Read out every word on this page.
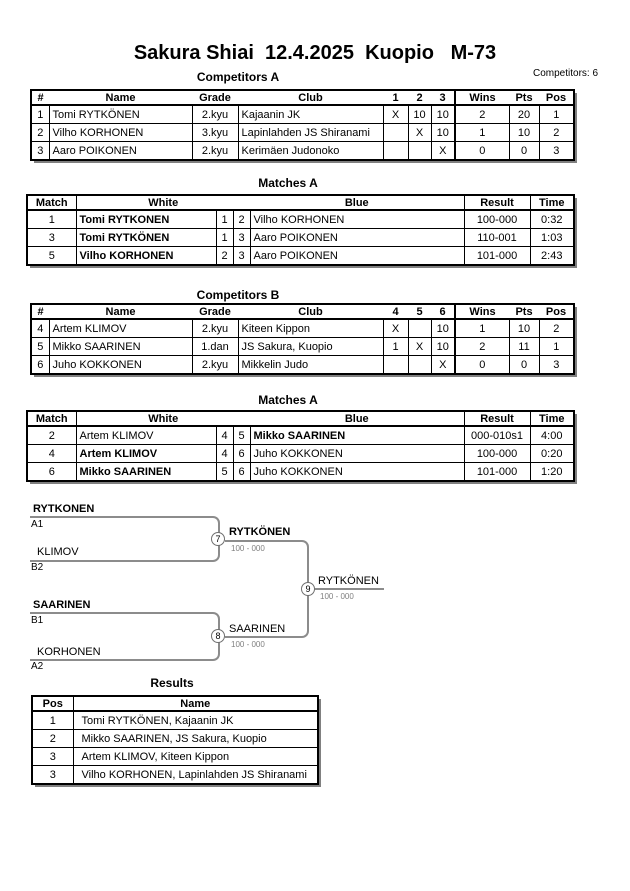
Sakura Shiai  12.4.2025  Kuopio   M-73
Competitors: 6
Competitors A
#	Name	Grade	Club	1	2	3	Wins	Pts	Pos
1	Tomi RYTKÖNEN	2.kyu	Kajaanin JK	X	10	10	2	20	1
2	Vilho KORHONEN	3.kyu	Lapinlahden JS Shiranami		X	10	1	10	2
3	Aaro POIKONEN	2.kyu	Kerimäen Judonoko			X	0	0	3
Matches A
Match	White			Blue	Result	Time
1	Tomi RYTKONEN	1	2	Vilho KORHONEN	100-000	0:32
3	Tomi RYTKÖNEN	1	3	Aaro POIKONEN	110-001	1:03
5	Vilho KORHONEN	2	3	Aaro POIKONEN	101-000	2:43
Competitors B
#	Name	Grade	Club	4	5	6	Wins	Pts	Pos
4	Artem KLIMOV	2.kyu	Kiteen Kippon	X		10	1	10	2
5	Mikko SAARINEN	1.dan	JS Sakura, Kuopio	1	X	10	2	11	1
6	Juho KOKKONEN	2.kyu	Mikkelin Judo			X	0	0	3
Matches A
Match	White			Blue	Result	Time
2	Artem KLIMOV	4	5	Mikko SAARINEN	000-010s1	4:00
4	Artem KLIMOV	4	6	Juho KOKKONEN	100-000	0:20
6	Mikko SAARINEN	5	6	Juho KOKKONEN	101-000	1:20
RYTKONEN
A1
KLIMOV
B2
SAARINEN
B1
KORHONEN
A2
7
RYTKÖNEN
100 - 000
8
SAARINEN
100 - 000
9
RYTKÖNEN
100 - 000
Results
Pos	Name
1	Tomi RYTKÖNEN, Kajaanin JK
2	Mikko SAARINEN, JS Sakura, Kuopio
3	Artem KLIMOV, Kiteen Kippon
3	Vilho KORHONEN, Lapinlahden JS Shiranami
